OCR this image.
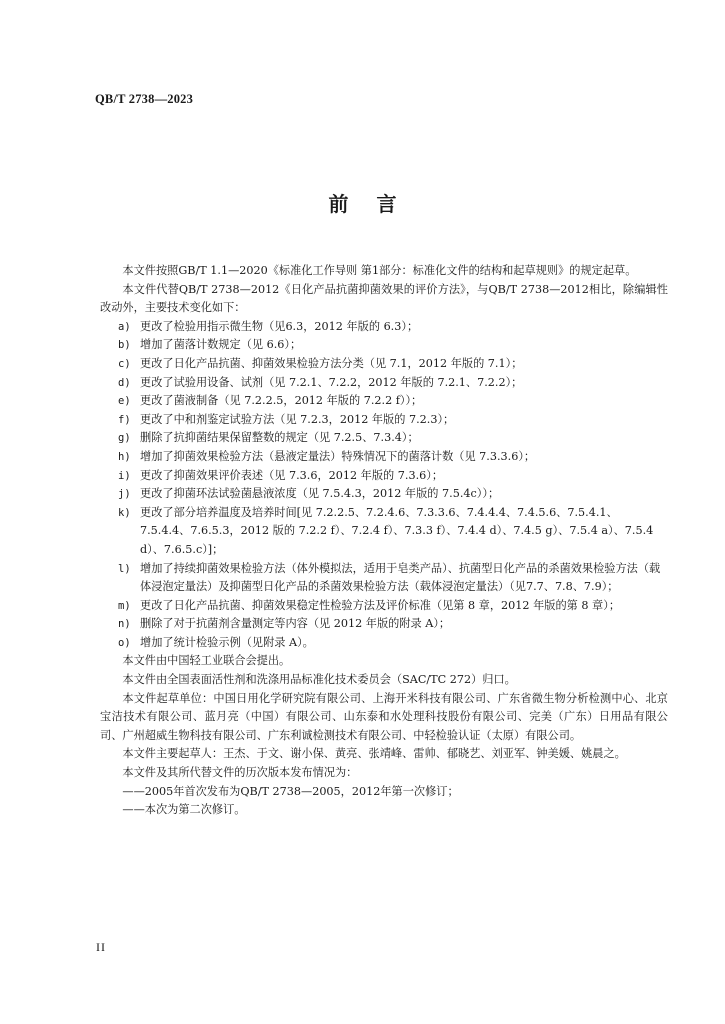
QB/T 2738—2023
前言

本文件按照GB/T 1.1—2020《标准化工作导则 第1部分：标准化文件的结构和起草规则》的规定起草。

本文件代替QB/T 2738—2012《日化产品抗菌抑菌效果的评价方法》，与QB/T 2738—2012相比，除编辑性改动外，主要技术变化如下：

a) 更改了检验用指示微生物（见6.3，2012 年版的 6.3）；
b) 增加了菌落计数规定（见 6.6）；
c) 更改了日化产品抗菌、抑菌效果检验方法分类（见 7.1，2012 年版的 7.1）；
d) 更改了试验用设备、试剂（见 7.2.1、7.2.2，2012 年版的 7.2.1、7.2.2）；
e) 更改了菌液制备（见 7.2.2.5，2012 年版的 7.2.2 f））；
f) 更改了中和剂鉴定试验方法（见 7.2.3，2012 年版的 7.2.3）；
g) 删除了抗抑菌结果保留整数的规定（见 7.2.5、7.3.4）；
h) 增加了抑菌效果检验方法（悬液定量法）特殊情况下的菌落计数（见 7.3.3.6）；
i) 更改了抑菌效果评价表述（见 7.3.6，2012 年版的 7.3.6）；
j) 更改了抑菌环法试验菌悬液浓度（见 7.5.4.3，2012 年版的 7.5.4c））；
k) 更改了部分培养温度及培养时间[见 7.2.2.5、7.2.4.6、7.3.3.6、7.4.4.4、7.4.5.6、7.5.4.1、7.5.4.4、7.6.5.3，2012 版的 7.2.2 f）、7.2.4 f）、7.3.3 f）、7.4.4 d）、7.4.5 g）、7.5.4 a）、7.5.4 d）、7.6.5.c）]；
l) 增加了持续抑菌效果检验方法（体外模拟法，适用于皂类产品）、抗菌型日化产品的杀菌效果检验方法（载体浸泡定量法）及抑菌型日化产品的杀菌效果检验方法（载体浸泡定量法）（见7.7、7.8、7.9）；
m) 更改了日化产品抗菌、抑菌效果稳定性检验方法及评价标准（见第 8 章，2012 年版的第 8 章）；
n) 删除了对于抗菌剂含量测定等内容（见 2012 年版的附录 A）；
o) 增加了统计检验示例（见附录 A）。

本文件由中国轻工业联合会提出。

本文件由全国表面活性剂和洗涤用品标准化技术委员会（SAC/TC 272）归口。

本文件起草单位：中国日用化学研究院有限公司、上海开米科技有限公司、广东省微生物分析检测中心、北京宝洁技术有限公司、蓝月亮（中国）有限公司、山东泰和水处理科技股份有限公司、完美（广东）日用品有限公司、广州超威生物科技有限公司、广东利诚检测技术有限公司、中轻检验认证（太原）有限公司。

本文件主要起草人：王杰、于文、谢小保、黄亮、张靖峰、雷帅、郁晓艺、刘亚军、钟美媛、姚晨之。

本文件及其所代替文件的历次版本发布情况为：

——2005年首次发布为QB/T 2738—2005，2012年第一次修订；

——本次为第二次修订。

II
